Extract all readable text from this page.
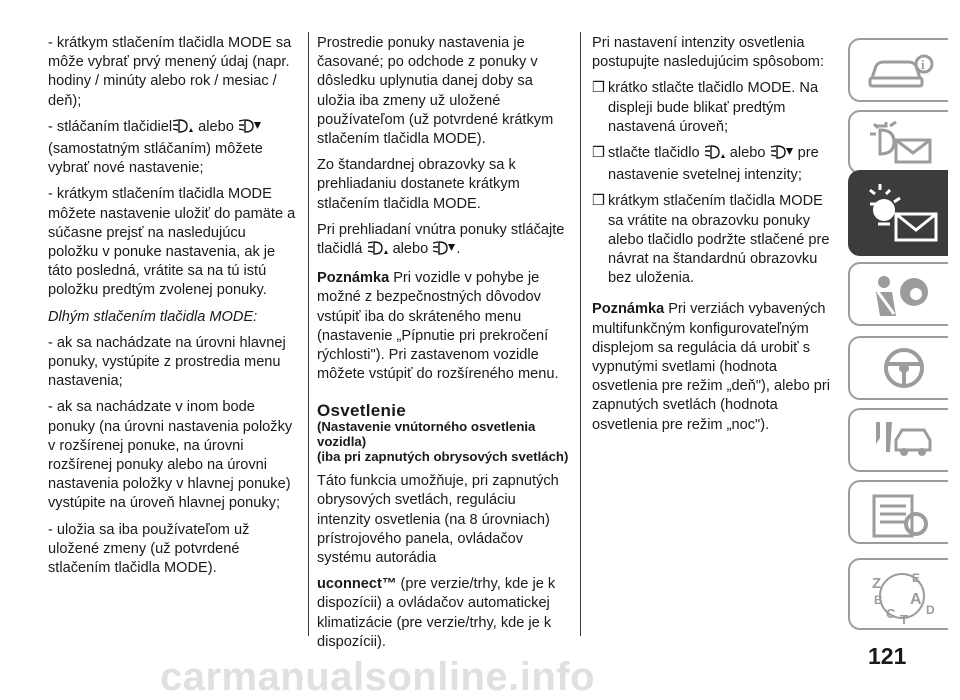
- krátkym stlačením tlačidla MODE sa môže vybrať prvý menený údaj (napr. hodiny / minúty alebo rok / mesiac / deň);

- stláčaním tlačidiel alebo (samostatným stláčaním) môžete vybrať nové nastavenie;

- krátkym stlačením tlačidla MODE môžete nastavenie uložiť do pamäte a súčasne prejsť na nasledujúcu položku v ponuke nastavenia, ak je táto posledná, vrátite sa na tú istú položku predtým zvolenej ponuky.

Dlhým stlačením tlačidla MODE:

- ak sa nachádzate na úrovni hlavnej ponuky, vystúpite z prostredia menu nastavenia;

- ak sa nachádzate v inom bode ponuky (na úrovni nastavenia položky v rozšírenej ponuke, na úrovni rozšírenej ponuky alebo na úrovni nastavenia položky v hlavnej ponuke) vystúpite na úroveň hlavnej ponuky;

- uložia sa iba používateľom už uložené zmeny (už potvrdené stlačením tlačidla MODE).

Prostredie ponuky nastavenia je časované; po odchode z ponuky v dôsledku uplynutia danej doby sa uložia iba zmeny už uložené používateľom (už potvrdené krátkym stlačením tlačidla MODE).

Zo štandardnej obrazovky sa k prehliadaniu dostanete krátkym stlačením tlačidla MODE.

Pri prehliadaní vnútra ponuky stláčajte tlačidlá alebo .

Poznámka Pri vozidle v pohybe je možné z bezpečnostných dôvodov vstúpiť iba do skráteného menu (nastavenie „Pípnutie pri prekročení rýchlosti"). Pri zastavenom vozidle môžete vstúpiť do rozšíreného menu.

Osvetlenie
(Nastavenie vnútorného osvetlenia vozidla)
(iba pri zapnutých obrysových svetlách)

Táto funkcia umožňuje, pri zapnutých obrysových svetlách, reguláciu intenzity osvetlenia (na 8 úrovniach) prístrojového panela, ovládačov systému autorádia

uconnect™ (pre verzie/trhy, kde je k dispozícii) a ovládačov automatickej klimatizácie (pre verzie/trhy, kde je k dispozícii).

Pri nastavení intenzity osvetlenia postupujte nasledujúcim spôsobom:

❒ krátko stlačte tlačidlo MODE. Na displeji bude blikať predtým nastavená úroveň;
❒ stlačte tlačidlo alebo pre nastavenie svetelnej intenzity;
❒ krátkym stlačením tlačidla MODE sa vrátite na obrazovku ponuky alebo tlačidlo podržte stlačené pre návrat na štandardnú obrazovku bez uloženia.

Poznámka Pri verziách vybavených multifunkčným konfigurovateľným displejom sa regulácia dá urobiť s vypnutými svetlami (hodnota osvetlenia pre režim „deň"), alebo pri zapnutých svetlách (hodnota osvetlenia pre režim „noc").

i
Z	E
B A
D
C T
carmanualsonline.info	121
